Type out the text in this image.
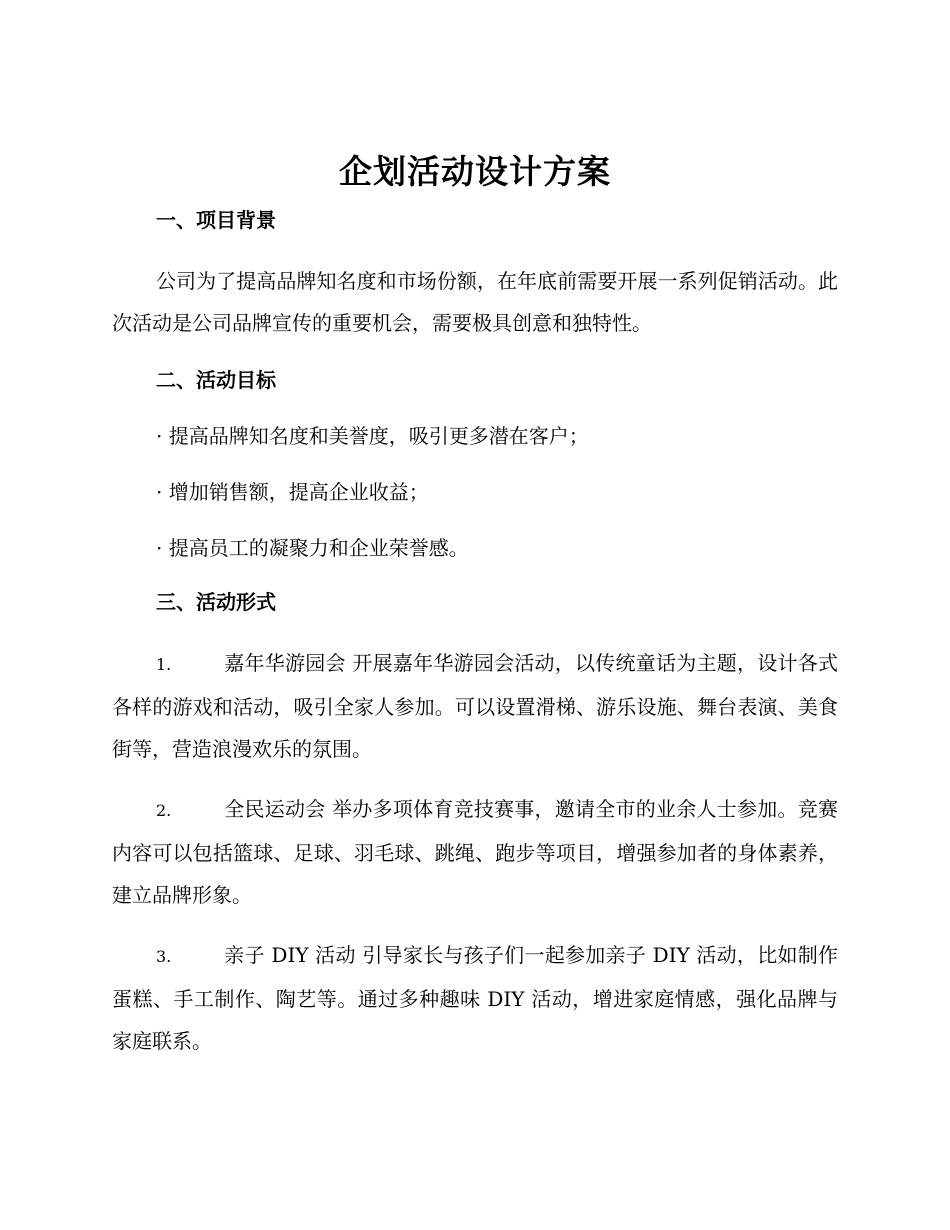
企划活动设计方案
一、项目背景

公司为了提高品牌知名度和市场份额，在年底前需要开展一系列促销活动。此次活动是公司品牌宣传的重要机会，需要极具创意和独特性。

二、活动目标

· 提高品牌知名度和美誉度，吸引更多潜在客户；

· 增加销售额，提高企业收益；

· 提高员工的凝聚力和企业荣誉感。

三、活动形式

1.	嘉年华游园会 开展嘉年华游园会活动，以传统童话为主题，设计各式各样的游戏和活动，吸引全家人参加。可以设置滑梯、游乐设施、舞台表演、美食街等，营造浪漫欢乐的氛围。

2.	全民运动会 举办多项体育竞技赛事，邀请全市的业余人士参加。竞赛内容可以包括篮球、足球、羽毛球、跳绳、跑步等项目，增强参加者的身体素养，建立品牌形象。

3.	亲子 DIY 活动 引导家长与孩子们一起参加亲子 DIY 活动，比如制作蛋糕、手工制作、陶艺等。通过多种趣味 DIY 活动，增进家庭情感，强化品牌与家庭联系。
